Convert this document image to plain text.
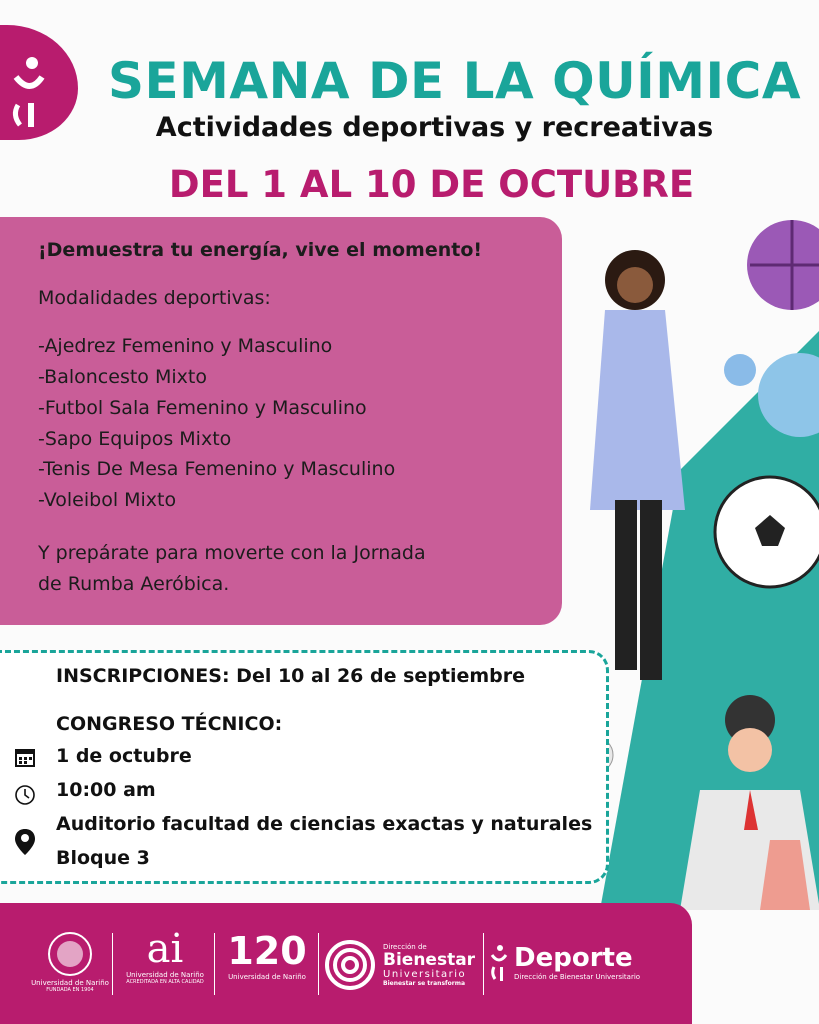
SEMANA DE LA QUÍMICA
Actividades deportivas y recreativas
DEL 1 AL 10 DE OCTUBRE
¡Demuestra tu energía, vive el momento!
Modalidades deportivas:
-Ajedrez Femenino y Masculino
-Baloncesto Mixto
-Futbol Sala Femenino y Masculino
-Sapo Equipos Mixto
-Tenis De Mesa Femenino y Masculino
-Voleibol Mixto
Y prepárate para moverte con la Jornada
de Rumba Aeróbica.
INSCRIPCIONES: Del 10 al 26 de septiembre
CONGRESO TÉCNICO:
1 de octubre
10:00 am
Auditorio facultad de ciencias exactas y naturales
Bloque 3
Universidad de Nariño
FUNDADA EN 1904
ai
Universidad de Nariño
ACREDITADA EN ALTA CALIDAD
120
Universidad de Nariño
Dirección de
Bienestar
Universitario
Bienestar se transforma
Deporte
Dirección de Bienestar Universitario
